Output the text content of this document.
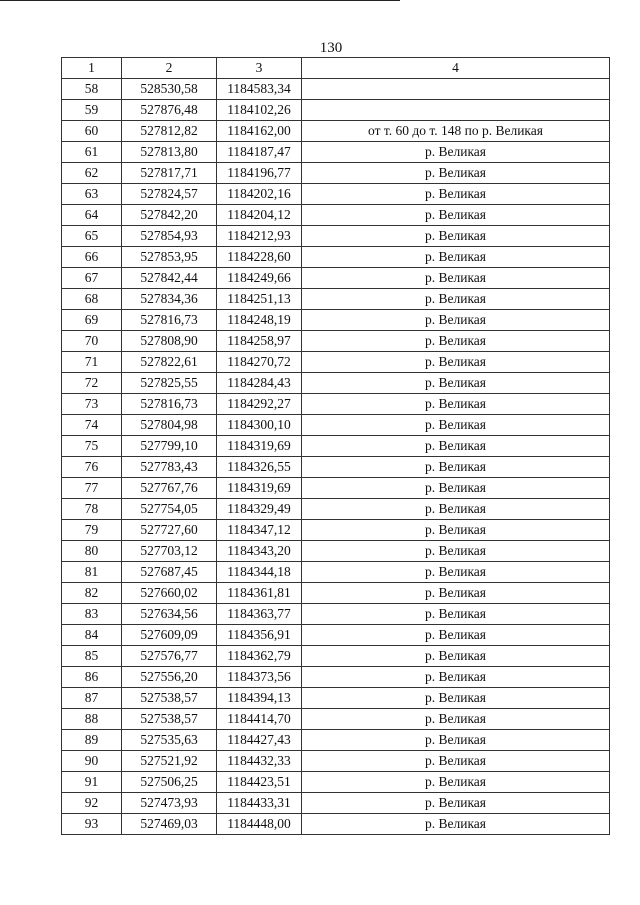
130
1	2	3	4
58	528530,58	1184583,34	
59	527876,48	1184102,26	
60	527812,82	1184162,00	от т. 60 до т. 148 по р. Великая
61	527813,80	1184187,47	р. Великая
62	527817,71	1184196,77	р. Великая
63	527824,57	1184202,16	р. Великая
64	527842,20	1184204,12	р. Великая
65	527854,93	1184212,93	р. Великая
66	527853,95	1184228,60	р. Великая
67	527842,44	1184249,66	р. Великая
68	527834,36	1184251,13	р. Великая
69	527816,73	1184248,19	р. Великая
70	527808,90	1184258,97	р. Великая
71	527822,61	1184270,72	р. Великая
72	527825,55	1184284,43	р. Великая
73	527816,73	1184292,27	р. Великая
74	527804,98	1184300,10	р. Великая
75	527799,10	1184319,69	р. Великая
76	527783,43	1184326,55	р. Великая
77	527767,76	1184319,69	р. Великая
78	527754,05	1184329,49	р. Великая
79	527727,60	1184347,12	р. Великая
80	527703,12	1184343,20	р. Великая
81	527687,45	1184344,18	р. Великая
82	527660,02	1184361,81	р. Великая
83	527634,56	1184363,77	р. Великая
84	527609,09	1184356,91	р. Великая
85	527576,77	1184362,79	р. Великая
86	527556,20	1184373,56	р. Великая
87	527538,57	1184394,13	р. Великая
88	527538,57	1184414,70	р. Великая
89	527535,63	1184427,43	р. Великая
90	527521,92	1184432,33	р. Великая
91	527506,25	1184423,51	р. Великая
92	527473,93	1184433,31	р. Великая
93	527469,03	1184448,00	р. Великая
